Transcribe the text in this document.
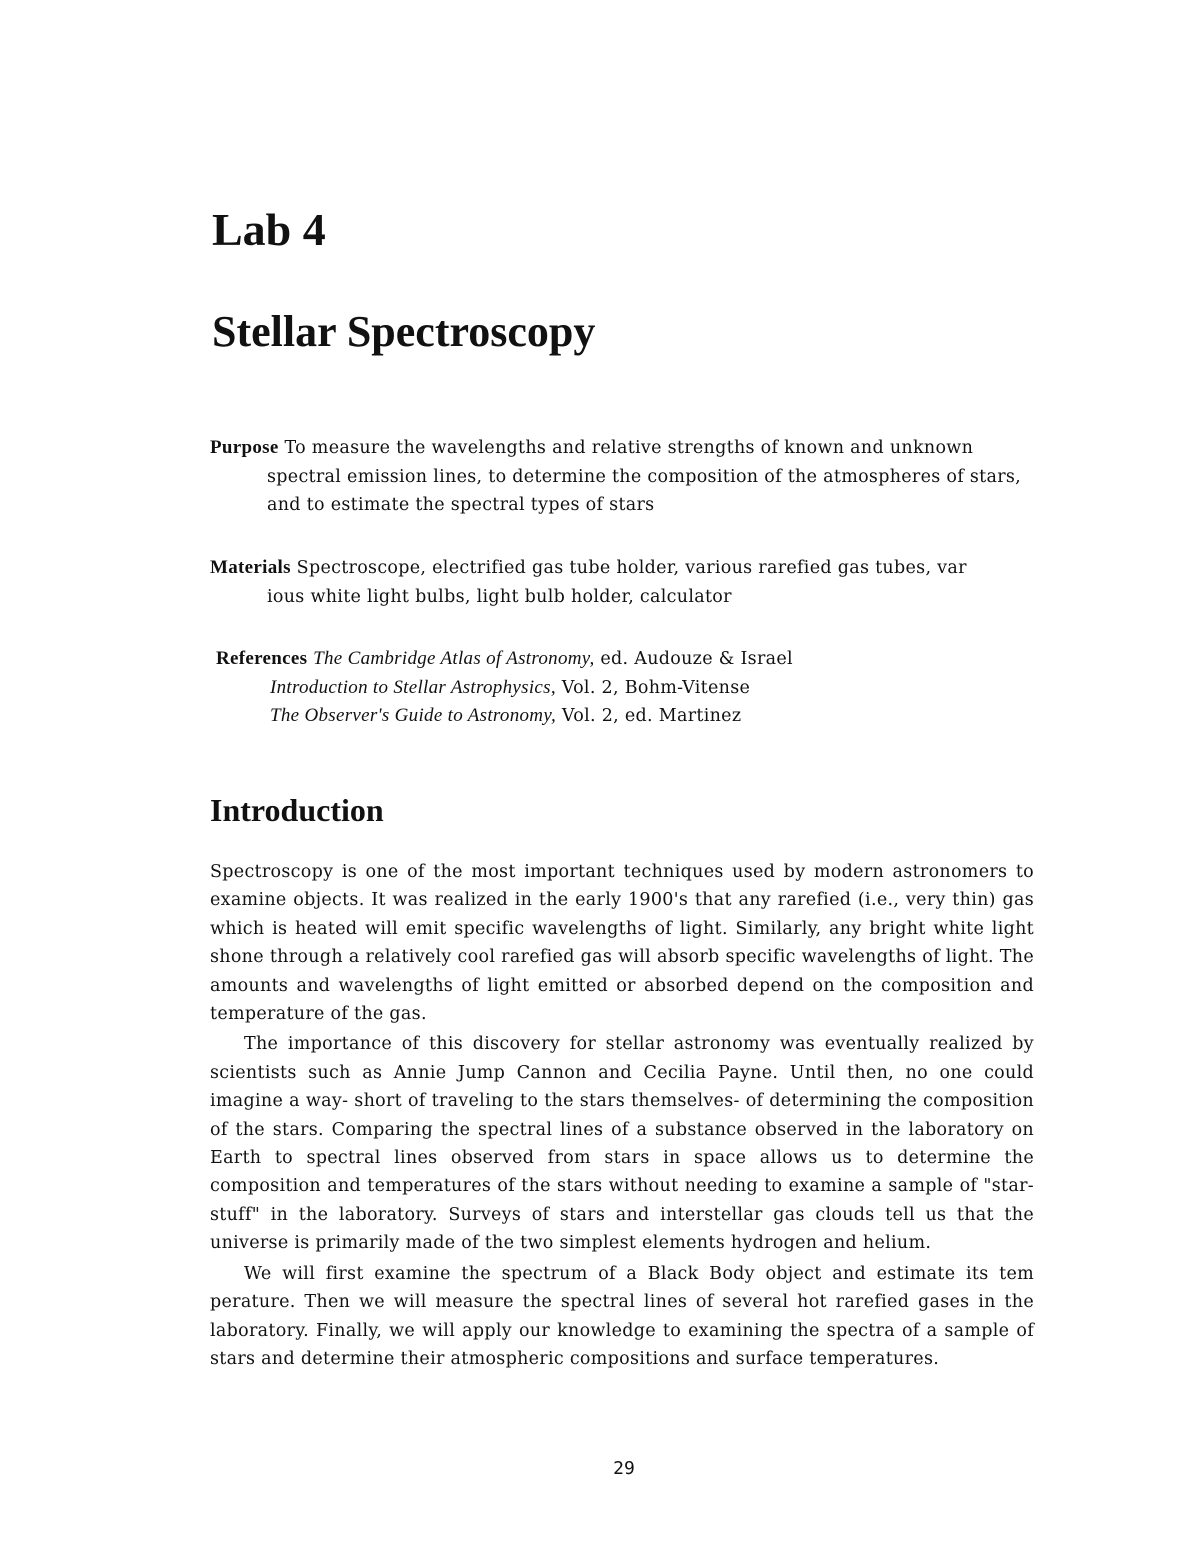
Lab 4
Stellar Spectroscopy
Purpose To measure the wavelengths and relative strengths of known and unknown
spectral emission lines, to determine the composition of the atmospheres of stars,
and to estimate the spectral types of stars
Materials Spectroscope, electrified gas tube holder, various rarefied gas tubes, var
ious white light bulbs, light bulb holder, calculator
References The Cambridge Atlas of Astronomy, ed. Audouze & Israel
Introduction to Stellar Astrophysics, Vol. 2, Bohm-Vitense
The Observer's Guide to Astronomy, Vol. 2, ed. Martinez
Introduction

Spectroscopy is one of the most important techniques used by modern astronomers to examine objects. It was realized in the early 1900's that any rarefied (i.e., very thin) gas which is heated will emit specific wavelengths of light. Similarly, any bright white light shone through a relatively cool rarefied gas will absorb specific wavelengths of light. The amounts and wavelengths of light emitted or absorbed depend on the composition and temperature of the gas.

The importance of this discovery for stellar astronomy was eventually realized by scientists such as Annie Jump Cannon and Cecilia Payne. Until then, no one could imagine a way- short of traveling to the stars themselves- of determining the composition of the stars. Comparing the spectral lines of a substance observed in the laboratory on Earth to spectral lines observed from stars in space allows us to determine the composition and temperatures of the stars without needing to examine a sample of "star-stuff" in the laboratory. Surveys of stars and interstellar gas clouds tell us that the universe is primarily made of the two simplest elements hydrogen and helium.

We will first examine the spectrum of a Black Body object and estimate its tem perature. Then we will measure the spectral lines of several hot rarefied gases in the laboratory. Finally, we will apply our knowledge to examining the spectra of a sample of stars and determine their atmospheric compositions and surface temperatures.

29
